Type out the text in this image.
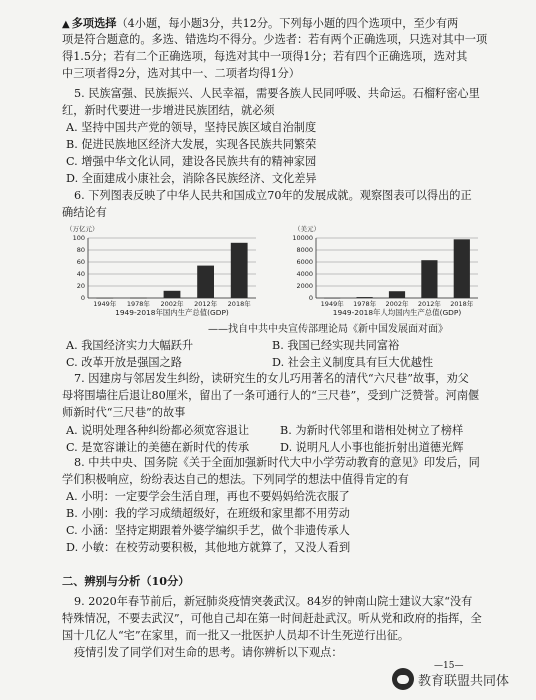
▲ 多项选择（4小题，每小题3分，共12分。下列每小题的四个选项中，至少有两
项是符合题意的。多选、错选均不得分。少选者：若有两个正确选项，只选对其中一项
得1.5分；若有二个正确选项，每选对其中一项得1分；若有四个正确选项，选对其
中三项者得2分，选对其中一、二项者均得1分）
5. 民族富强、民族振兴、人民幸福，需要各族人民同呼吸、共命运。石榴籽密心里
红，新时代要进一步增进民族团结，就必须
A. 坚持中国共产党的领导，坚持民族区域自治制度
B. 促进民族地区经济大发展，实现各民族共同繁荣
C. 增强中华文化认同，建设各民族共有的精神家园
D. 全面建成小康社会，消除各民族经济、文化差异
6. 下列图表反映了中华人民共和国成立70年的发展成就。观察图表可以得出的正
确结论有
（万亿元）
0
20
40
60
80
100
1949年 1978年 2002年 2012年 2018年
1949-2018年国内生产总值(GDP)
（美元）
0
2000
4000
6000
8000
10000
1949年 1978年 2002年 2012年 2018年
1949-2018年人均国内生产总值(GDP)
——找自中共中央宣传部理论局《新中国发展面对面》
A. 我国经济实力大幅跃升	B. 我国已经实现共同富裕
C. 改革开放是强国之路	D. 社会主义制度具有巨大优越性
7. 因建房与邻居发生纠纷，读研究生的女儿巧用著名的清代“六尺巷”故事，劝父
母将围墙往后退让80厘米，留出了一条可通行人的“三尺巷”，受到广泛赞誉。河南偃
师新时代“三尺巷”的故事
A. 说明处理各种纠纷都必须宽容退让	B. 为新时代邻里和谐相处树立了榜样
C. 是宽容谦让的美德在新时代的传承	D. 说明凡人小事也能折射出道德光辉
8. 中共中央、国务院《关于全面加强新时代大中小学劳动教育的意见》印发后，同
学们积极响应，纷纷表达自己的想法。下列同学的想法中值得肯定的有
A. 小明：一定要学会生活自理，再也不要妈妈给洗衣服了
B. 小刚：我的学习成绩超级好，在班级和家里都不用劳动
C. 小涵：坚持定期跟着外婆学编织手艺，做个非遗传承人
D. 小敏：在校劳动要积极，其他地方就算了，又没人看到
二、辨别与分析（10分）
9. 2020年春节前后，新冠肺炎疫情突袭武汉。84岁的钟南山院士建议大家“没有
特殊情况，不要去武汉”，可他自己却在第一时间赶赴武汉。听从党和政府的指挥，全
国十几亿人“宅”在家里，而一批又一批医护人员却不计生死逆行出征。
疫情引发了同学们对生命的思考。请你辨析以下观点：
—15—
教育联盟共同体
